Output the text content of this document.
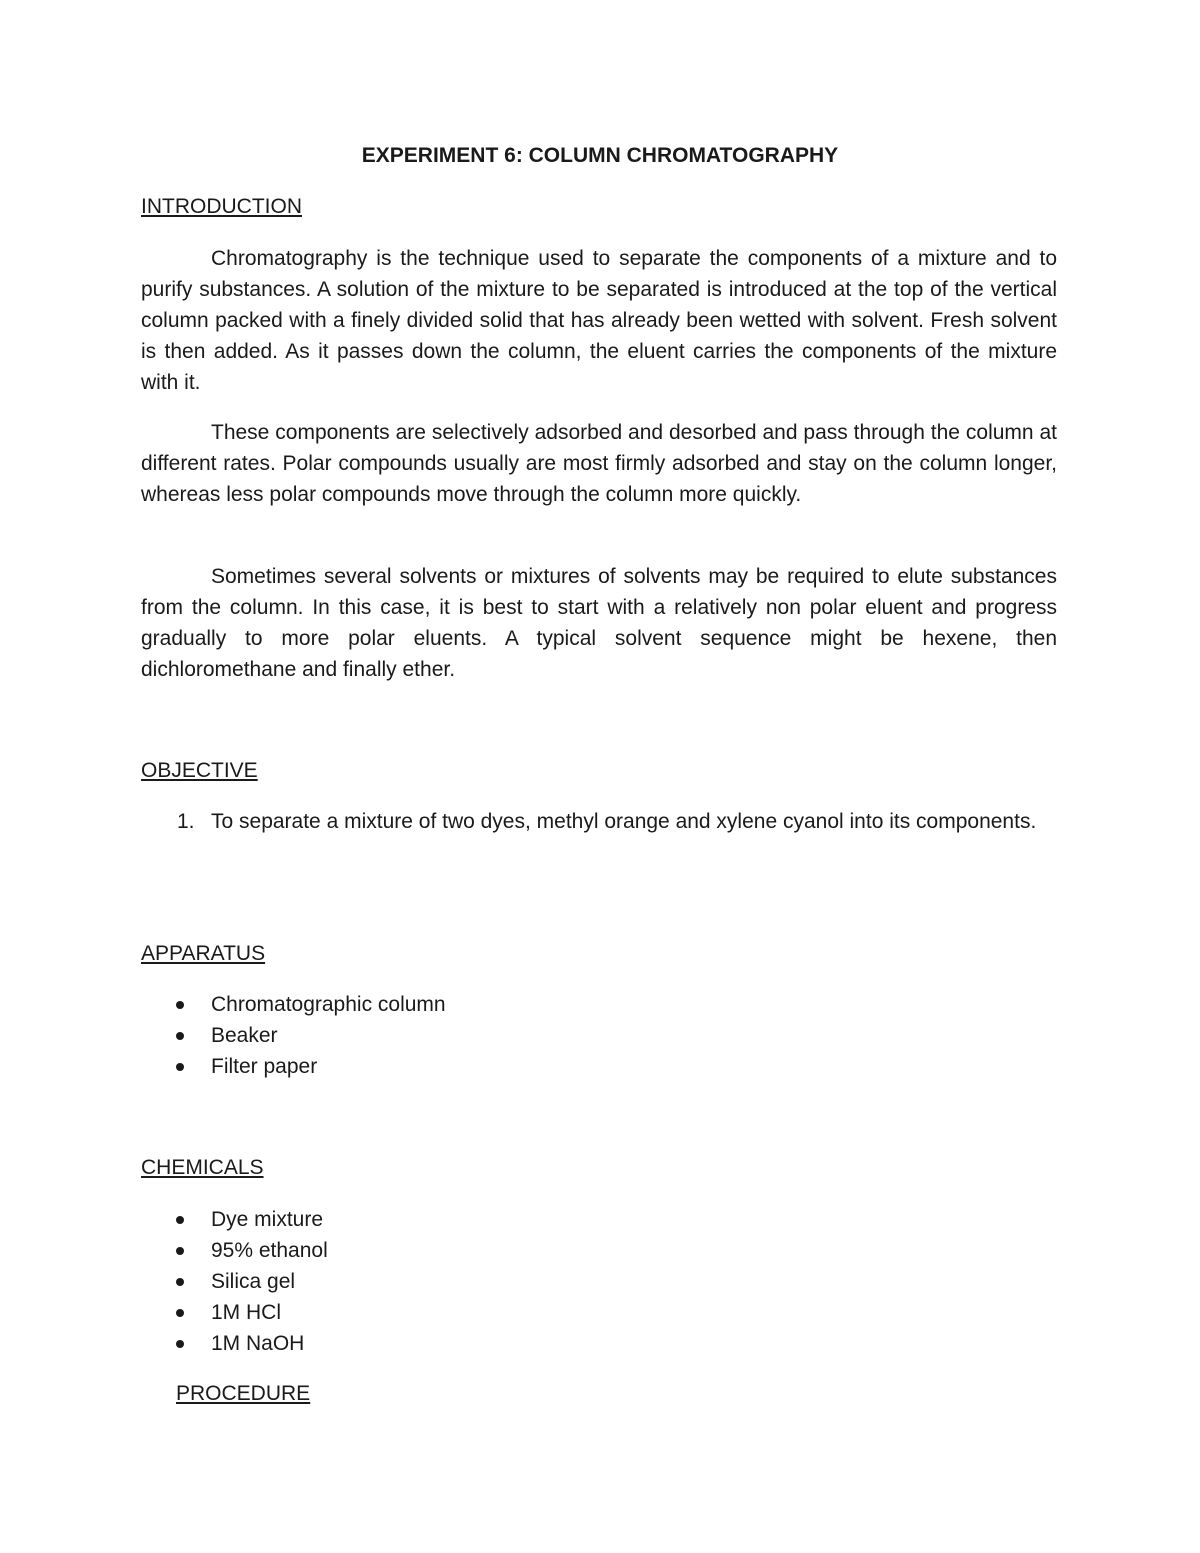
EXPERIMENT 6: COLUMN CHROMATOGRAPHY
INTRODUCTION

Chromatography is the technique used to separate the components of a mixture and to purify substances. A solution of the mixture to be separated is introduced at the top of the vertical column packed with a finely divided solid that has already been wetted with solvent. Fresh solvent is then added. As it passes down the column, the eluent carries the components of the mixture with it.

These components are selectively adsorbed and desorbed and pass through the column at different rates. Polar compounds usually are most firmly adsorbed and stay on the column longer, whereas less polar compounds move through the column more quickly.

Sometimes several solvents or mixtures of solvents may be required to elute substances from the column. In this case, it is best to start with a relatively non polar eluent and progress gradually to more polar eluents. A typical solvent sequence might be hexene, then dichloromethane and finally ether.

OBJECTIVE
1. To separate a mixture of two dyes, methyl orange and xylene cyanol into its components.
APPARATUS
Chromatographic column
Beaker
Filter paper
CHEMICALS
Dye mixture
95% ethanol
Silica gel
1M HCl
1M NaOH
PROCEDURE
